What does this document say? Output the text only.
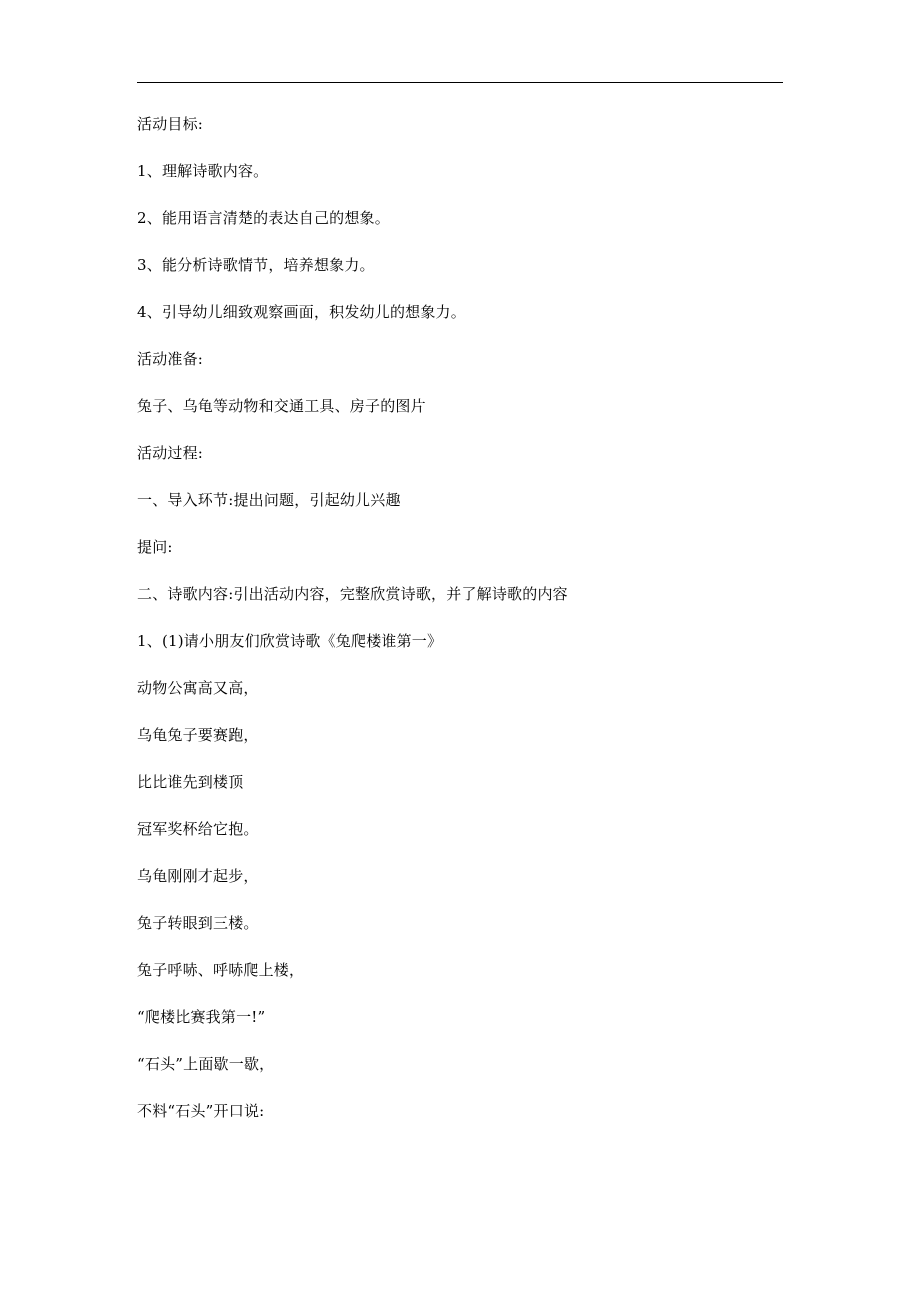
活动目标:
1、理解诗歌内容。
2、能用语言清楚的表达自己的想象。
3、能分析诗歌情节，培养想象力。
4、引导幼儿细致观察画面，积发幼儿的想象力。
活动准备:
兔子、乌龟等动物和交通工具、房子的图片
活动过程:
一、导入环节:提出问题，引起幼儿兴趣
提问:
二、诗歌内容:引出活动内容，完整欣赏诗歌，并了解诗歌的内容
1、(1)请小朋友们欣赏诗歌《兔爬楼谁第一》
动物公寓高又高，
乌龟兔子要赛跑，
比比谁先到楼顶
冠军奖杯给它抱。
乌龟刚刚才起步，
兔子转眼到三楼。
兔子呼哧、呼哧爬上楼，
“爬楼比赛我第一!”
“石头”上面歇一歇，
不料“石头”开口说:
